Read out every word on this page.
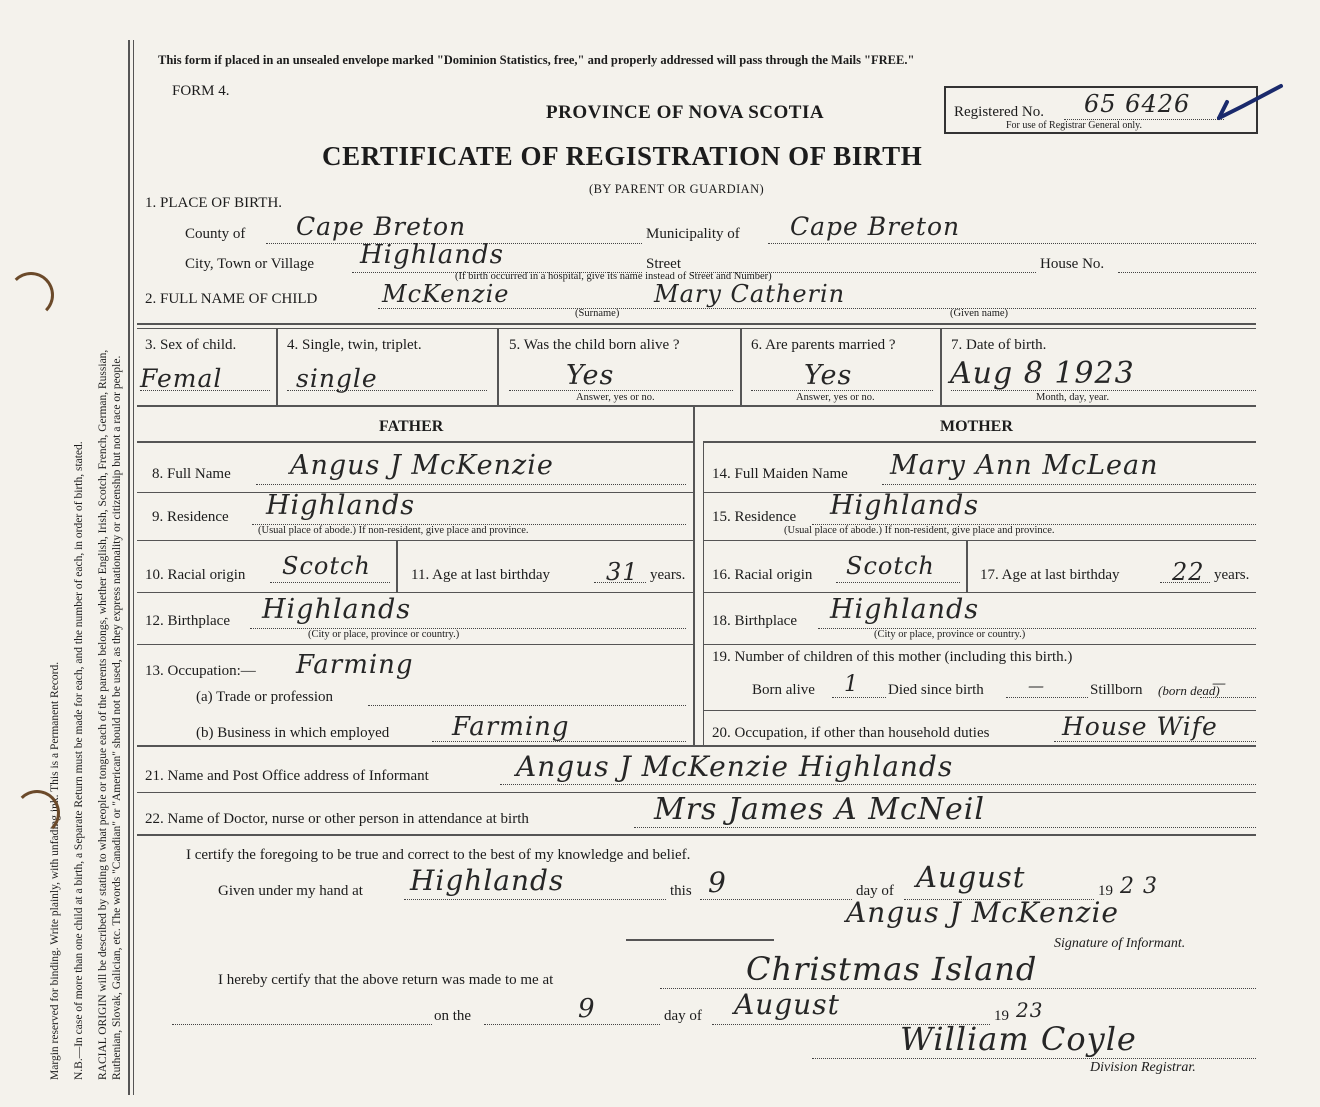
Margin reserved for binding. Write plainly, with unfading ink. This is a Permanent Record. N.B.—In case of more than one child at a birth, a Separate Return must be made for each, and the number of each, in order of birth, stated. RACIAL ORIGIN will be described by stating to what people or tongue each of the parents belongs, whether English, Irish, Scotch, French, German, Russian, Ruthenian, Slovak, Galician, etc. The words "Canadian" or "American" should not be used, as they express nationality or citizenship but not a race or people.
This form if placed in an unsealed envelope marked "Dominion Statistics, free," and properly addressed will pass through the Mails "FREE."
FORM 4.
PROVINCE OF NOVA SCOTIA
CERTIFICATE OF REGISTRATION OF BIRTH
(BY PARENT OR GUARDIAN)
Registered No. 65 6426
For use of Registrar General only.
1. PLACE OF BIRTH.
County of Cape Breton	Municipality of Cape Breton
City, Town or Village Highlands	Street	House No.
(If birth occurred in a hospital, give its name instead of Street and Number)
2. FULL NAME OF CHILD	McKenzie	Mary Catherin
(Surname)	(Given name)
3. Sex of child.
Femal
4. Single, twin, triplet.
single
5. Was the child born alive ?
Yes
Answer, yes or no.
6. Are parents married ?
Yes
Answer, yes or no.
7. Date of birth.
Aug 8 1923
Month, day, year.
FATHER
8. Full Name Angus J McKenzie
9. Residence Highlands
(Usual place of abode.) If non-resident, give place and province.
10. Racial origin Scotch	11. Age at last birthday 31 years.
12. Birthplace Highlands
(City or place, province or country.)
13. Occupation:— Farming
(a) Trade or profession
(b) Business in which employed Farming
MOTHER
14. Full Maiden Name Mary Ann McLean
15. Residence Highlands
(Usual place of abode.) If non-resident, give place and province.
16. Racial origin Scotch	17. Age at last birthday 22 years.
18. Birthplace Highlands
(City or place, province or country.)
19. Number of children of this mother (including this birth.)
Born alive 1 Died since birth	—	Stillborn (born dead)
—
20. Occupation, if other than household duties	House Wife
21. Name and Post Office address of Informant	Angus J McKenzie Highlands
22. Name of Doctor, nurse or other person in attendance at birth	Mrs James A McNeil
I certify the foregoing to be true and correct to the best of my knowledge and belief.
Given under my hand at Highlands	this 9	day of August	19 2 3
Angus J McKenzie
Signature of Informant.
I hereby certify that the above return was made to me at	Christmas Island
on the	9	day of August	19 23
William Coyle
Division Registrar.
